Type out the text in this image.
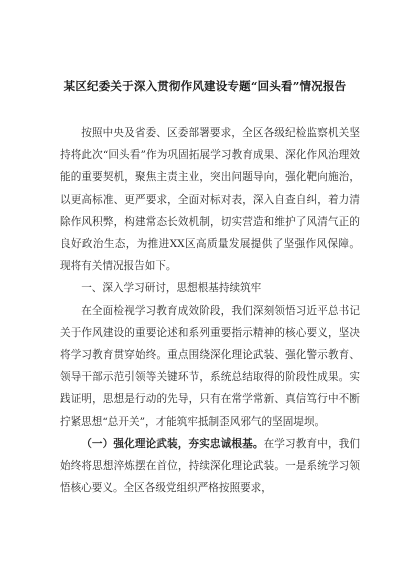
某区纪委关于深入贯彻作风建设专题“回头看”情况报告

按照中央及省委、区委部署要求，全区各级纪检监察机关坚持将此次“回头看”作为巩固拓展学习教育成果、深化作风治理效能的重要契机，聚焦主责主业，突出问题导向，强化靶向施治，以更高标准、更严要求，全面对标对表，深入自查自纠，着力清除作风积弊，构建常态长效机制，切实营造和维护了风清气正的良好政治生态，为推进XX区高质量发展提供了坚强作风保障。现将有关情况报告如下。

一、深入学习研讨，思想根基持续筑牢

在全面检视学习教育成效阶段，我们深刻领悟习近平总书记关于作风建设的重要论述和系列重要指示精神的核心要义，坚决将学习教育贯穿始终。重点围绕深化理论武装、强化警示教育、领导干部示范引领等关键环节，系统总结取得的阶段性成果。实践证明，思想是行动的先导，只有在常学常新、真信笃行中不断拧紧思想“总开关”，才能筑牢抵制歪风邪气的坚固堤坝。

（一）强化理论武装，夯实忠诚根基。在学习教育中，我们始终将思想淬炼摆在首位，持续深化理论武装。一是系统学习领悟核心要义。全区各级党组织严格按照要求，
